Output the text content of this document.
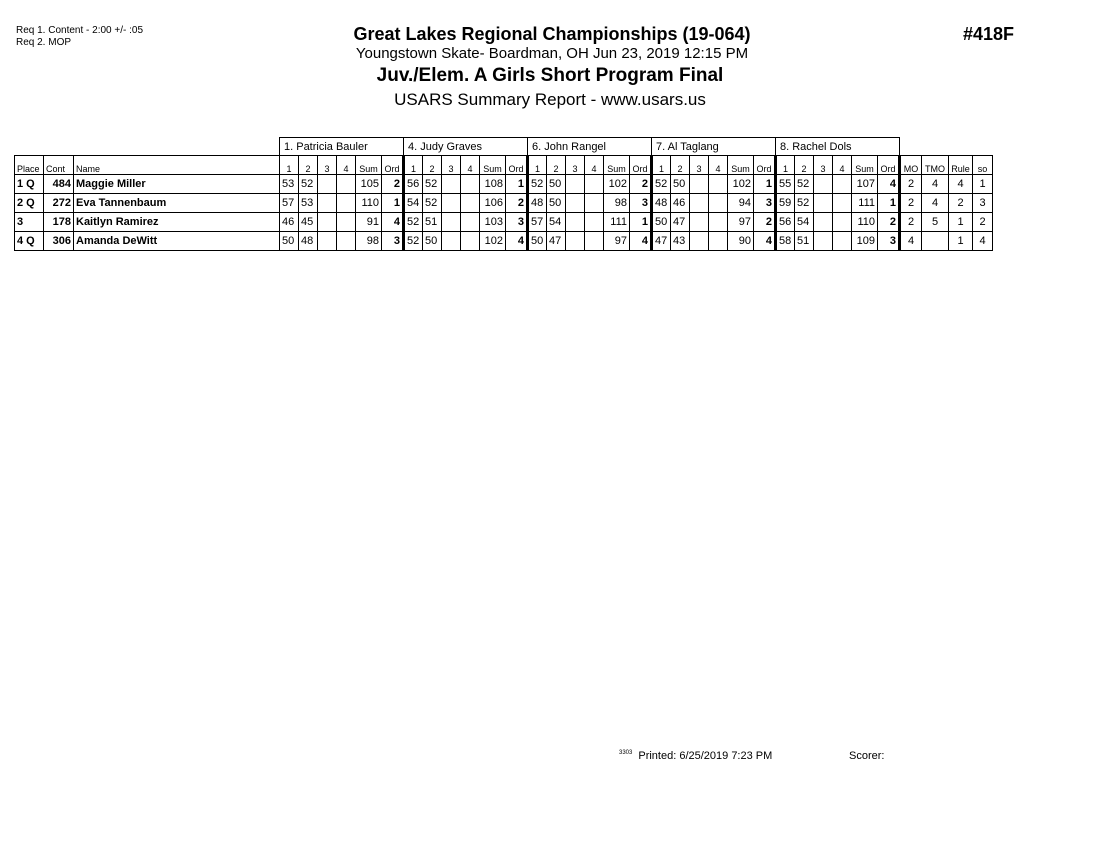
Req 1. Content - 2:00 +/- :05
Req 2. MOP	Great Lakes Regional Championships (19-064)
Youngstown Skate- Boardman, OH Jun 23, 2019 12:15 PM
Juv./Elem. A Girls Short Program Final
USARS Summary Report - www.usars.us
#418F
			1. Patricia Bauler						4. Judy Graves						6. John Rangel						7. Al Taglang						8. Rachel Dols									
Place	Cont	Name	1	2	3	4	Sum	Ord	1	2	3	4	Sum	Ord	1	2	3	4	Sum	Ord	1	2	3	4	Sum	Ord	1	2	3	4	Sum	Ord	MO	TMO	Rule	so
1 Q	484	Maggie Miller	53	52			105	2	56	52			108	1	52	50			102	2	52	50			102	1	55	52			107	4	2	4	4	1
2 Q	272	Eva Tannenbaum	57	53			110	1	54	52			106	2	48	50			98	3	48	46			94	3	59	52			111	1	2	4	2	3
3	178	Kaitlyn Ramirez	46	45			91	4	52	51			103	3	57	54			111	1	50	47			97	2	56	54			110	2	2	5	1	2
4 Q	306	Amanda DeWitt	50	48			98	3	52	50			102	4	50	47			97	4	47	43			90	4	58	51			109	3	4		1	4
$^{3303}$ Printed: 6/25/2019 7:23 PM	Scorer:
